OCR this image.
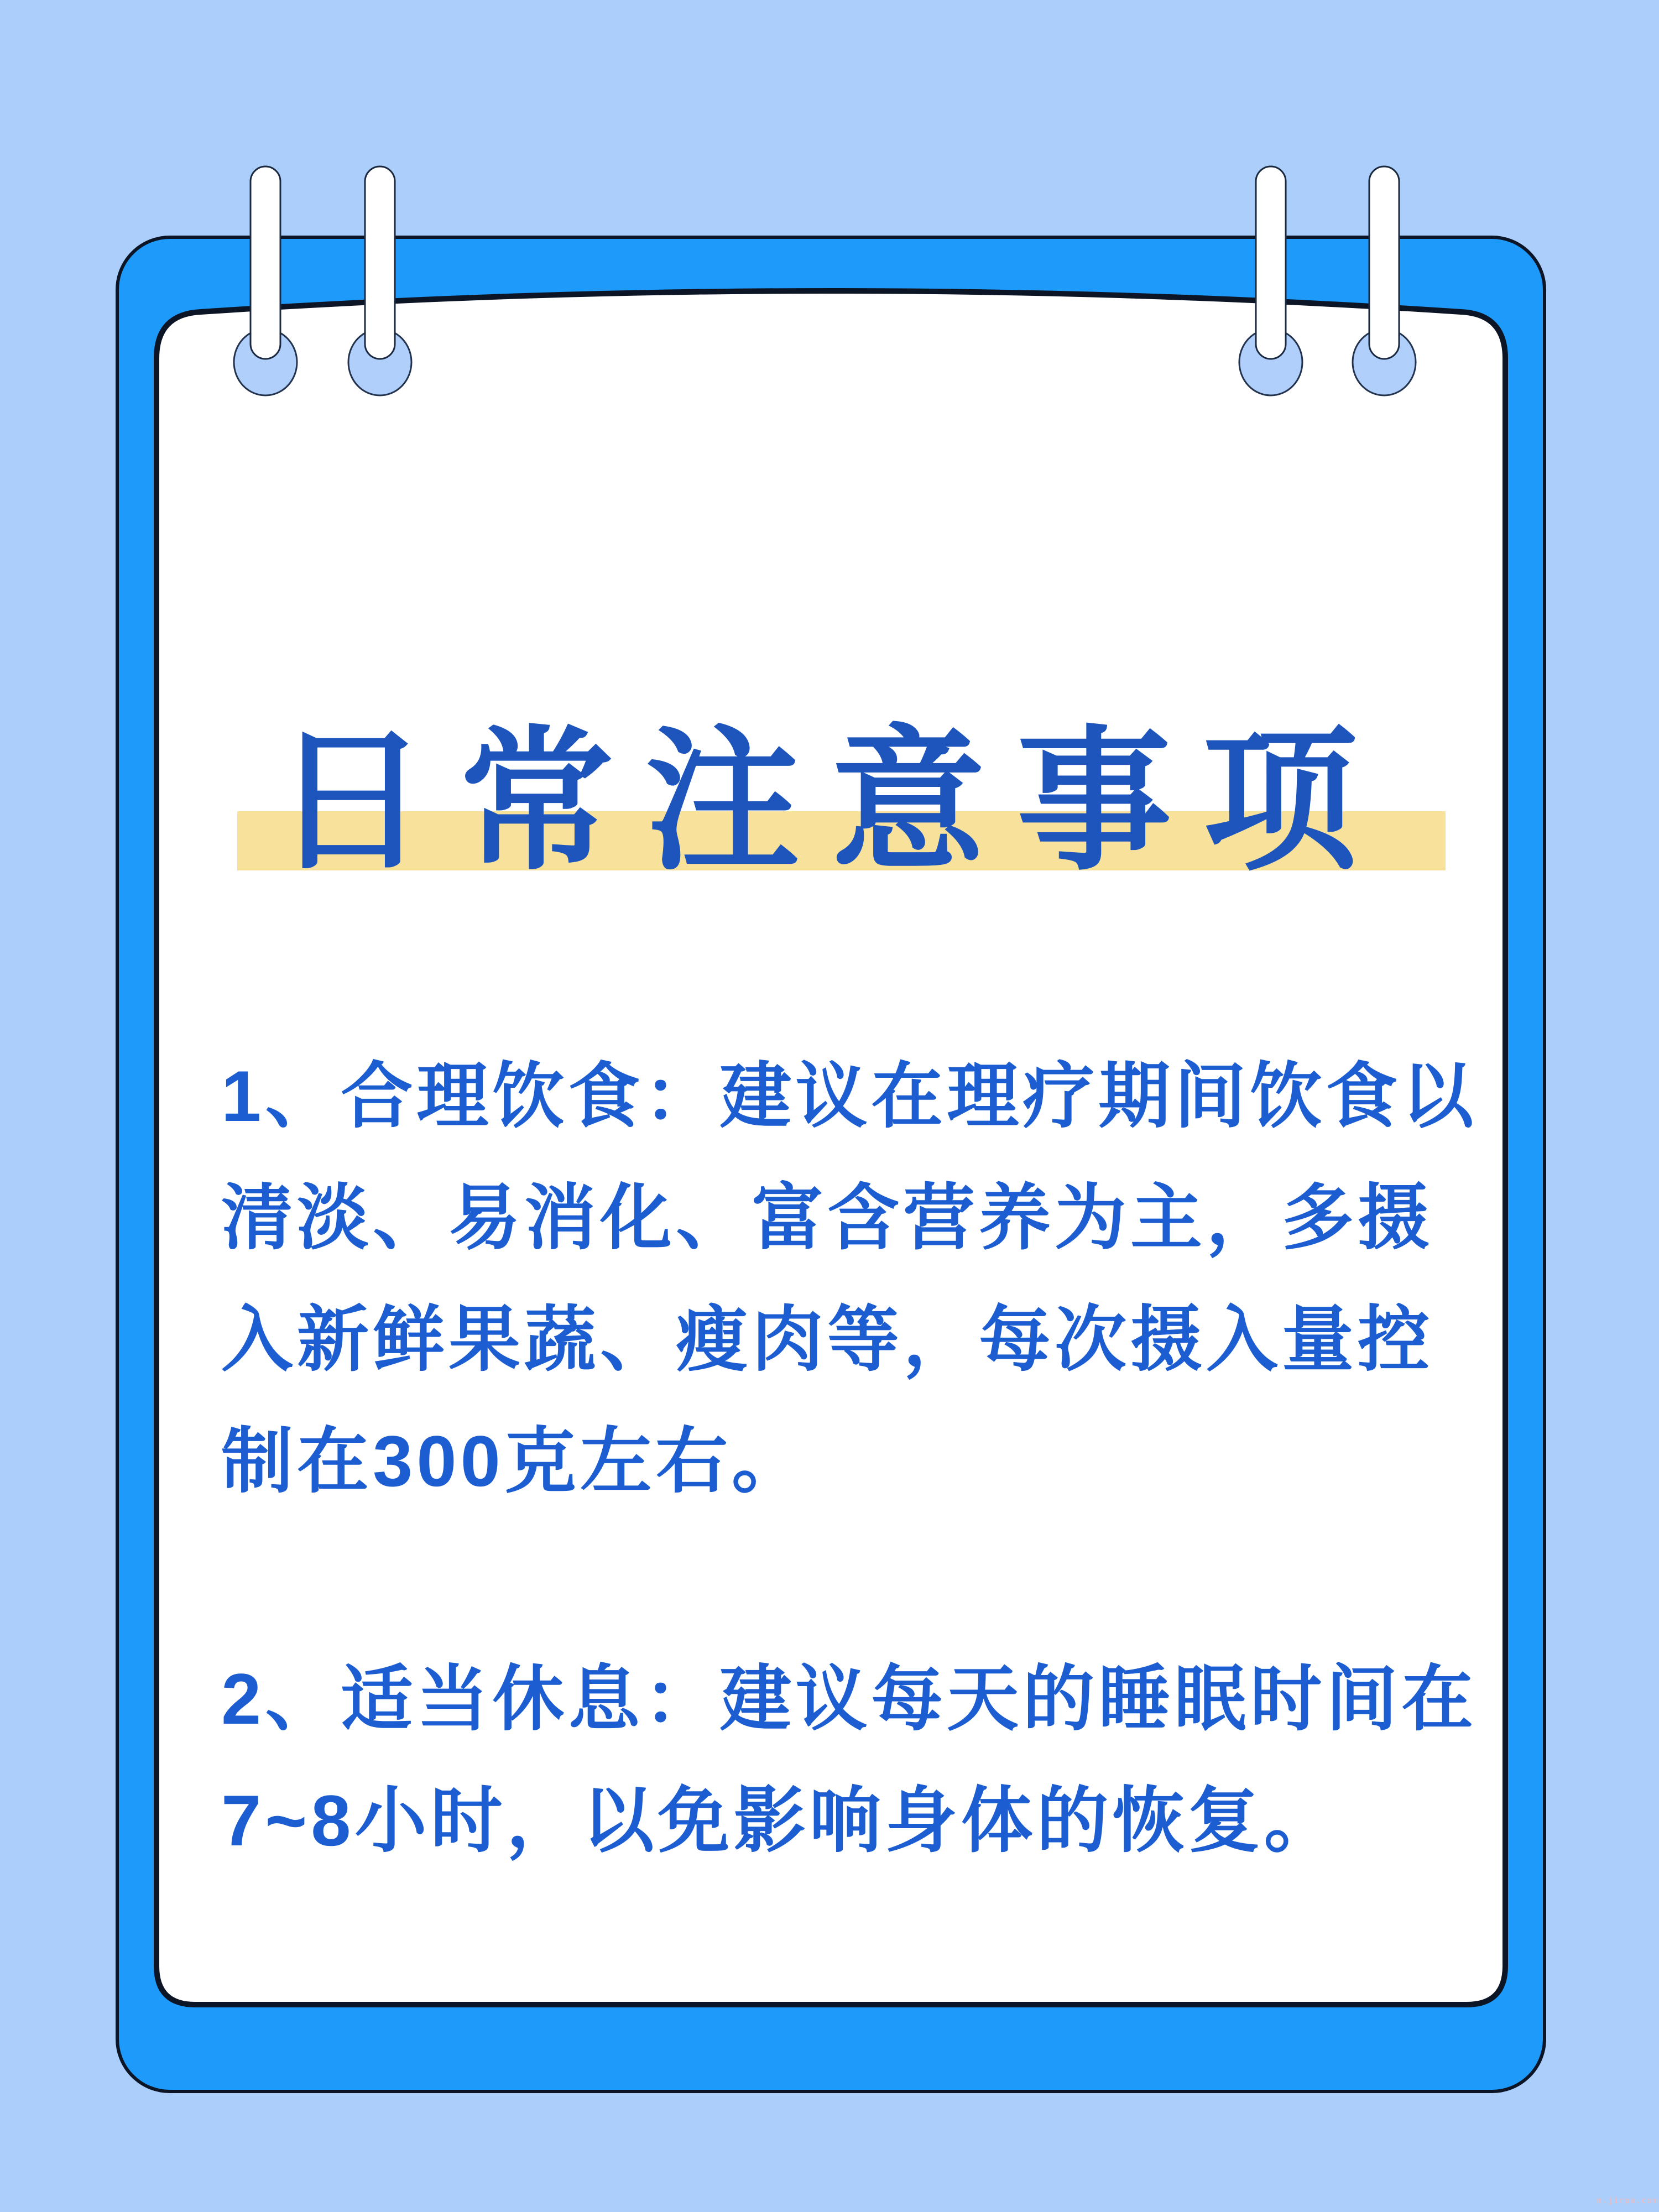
日常注意事项
1、合理饮食：建议在理疗期间饮食以
清淡、易消化、富含营养为主，多摄
入新鲜果蔬、瘦肉等，每次摄入量控
制在300克左右。
2、适当休息：建议每天的睡眠时间在
7~8小时，以免影响身体的恢复。
m.jirpa.com
